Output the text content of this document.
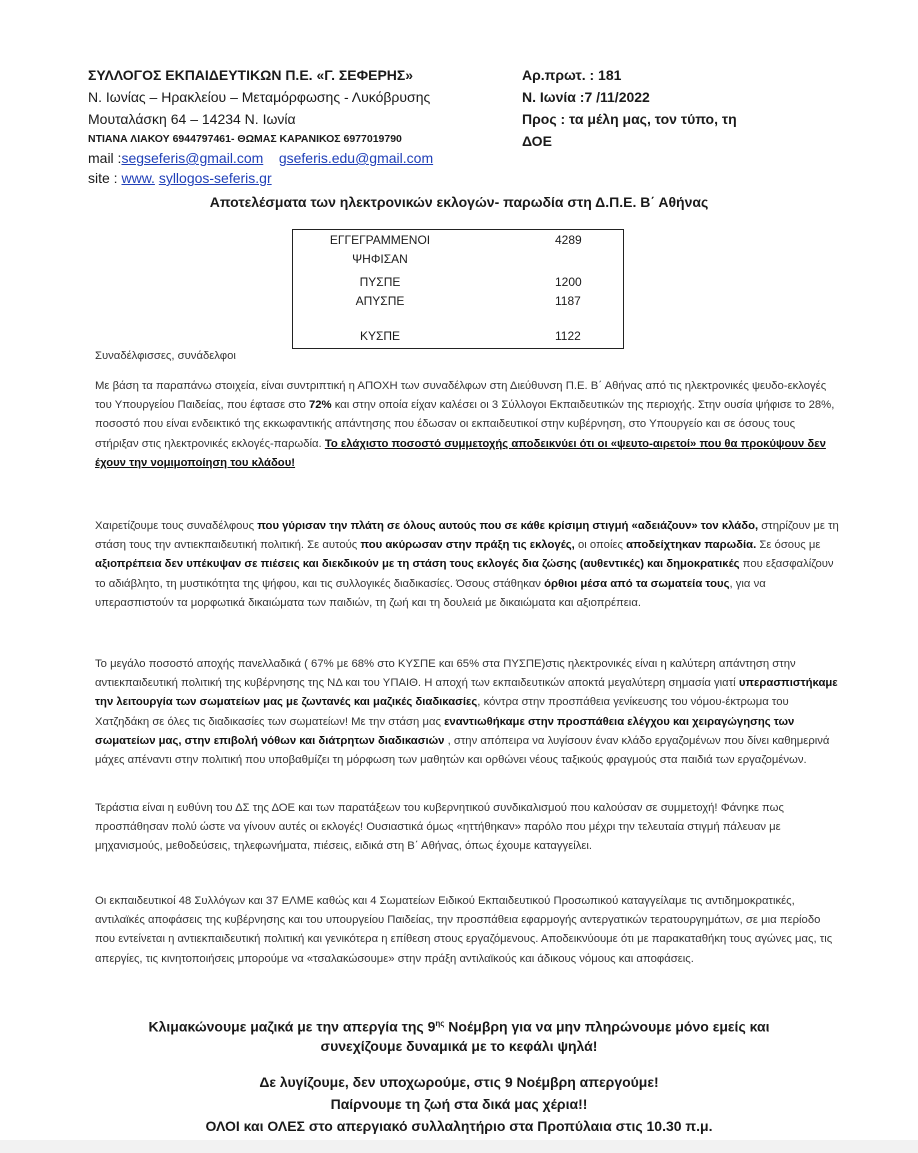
ΣΥΛΛΟΓΟΣ ΕΚΠΑΙΔΕΥΤΙΚΩΝ Π.Ε. «Γ. ΣΕΦΕΡΗΣ»
Ν. Ιωνίας – Ηρακλείου – Μεταμόρφωσης - Λυκόβρυσης
Μουταλάσκη 64 – 14234 Ν. Ιωνία
ΝΤΙΑΝΑ ΛΙΑΚΟΥ 6944797461- ΘΩΜΑΣ ΚΑΡΑΝΙΚΟΣ 6977019790
mail :segseferis@gmail.com gseferis.edu@gmail.com
site : www. syllogos-seferis.gr
Αρ.πρωτ. : 181
Ν. Ιωνία :7 /11/2022
Προς : τα μέλη μας, τον τύπο, τη
ΔΟΕ
Αποτελέσματα των ηλεκτρονικών εκλογών- παρωδία στη Δ.Π.Ε. Β΄ Αθήνας
ΕΓΓΕΓΡΑΜΜΕΝΟΙ	4289
ΨΗΦΙΣΑΝ
ΠΥΣΠΕ	1200
ΑΠΥΣΠΕ	1187
ΚΥΣΠΕ	1122
Συναδέλφισσες, συνάδελφοι

Με βάση τα παραπάνω στοιχεία, είναι συντριπτική η ΑΠΟΧΗ των συναδέλφων στη Διεύθυνση Π.Ε. Β΄ Αθήνας από τις ηλεκτρονικές ψευδο-εκλογές του Υπουργείου Παιδείας, που έφτασε στο 72% και στην οποία είχαν καλέσει οι 3 Σύλλογοι Εκπαιδευτικών της περιοχής. Στην ουσία ψήφισε το 28%, ποσοστό που είναι ενδεικτικό της εκκωφαντικής απάντησης που έδωσαν οι εκπαιδευτικοί στην κυβέρνηση, στο Υπουργείο και σε όσους τους στήριξαν στις ηλεκτρονικές εκλογές-παρωδία. Το ελάχιστο ποσοστό συμμετοχής αποδεικνύει ότι οι «ψευτο-αιρετοί» που θα προκύψουν δεν έχουν την νομιμοποίηση του κλάδου!

Χαιρετίζουμε τους συναδέλφους που γύρισαν την πλάτη σε όλους αυτούς που σε κάθε κρίσιμη στιγμή «αδειάζουν» τον κλάδο, στηρίζουν με τη στάση τους την αντιεκπαιδευτική πολιτική. Σε αυτούς που ακύρωσαν στην πράξη τις εκλογές, οι οποίες αποδείχτηκαν παρωδία. Σε όσους με αξιοπρέπεια δεν υπέκυψαν σε πιέσεις και διεκδικούν με τη στάση τους εκλογές δια ζώσης (αυθεντικές) και δημοκρατικές που εξασφαλίζουν το αδιάβλητο, τη μυστικότητα της ψήφου, και τις συλλογικές διαδικασίες. Όσους στάθηκαν όρθιοι μέσα από τα σωματεία τους, για να υπερασπιστούν τα μορφωτικά δικαιώματα των παιδιών, τη ζωή και τη δουλειά με δικαιώματα και αξιοπρέπεια.

Το μεγάλο ποσοστό αποχής πανελλαδικά ( 67% με 68% στο ΚΥΣΠΕ και 65% στα ΠΥΣΠΕ)στις ηλεκτρονικές είναι η καλύτερη απάντηση στην αντιεκπαιδευτική πολιτική της κυβέρνησης της ΝΔ και του ΥΠΑΙΘ. Η αποχή των εκπαιδευτικών αποκτά μεγαλύτερη σημασία γιατί υπερασπιστήκαμε την λειτουργία των σωματείων μας με ζωντανές και μαζικές διαδικασίες, κόντρα στην προσπάθεια γενίκευσης του νόμου-έκτρωμα του Χατζηδάκη σε όλες τις διαδικασίες των σωματείων! Με την στάση μας εναντιωθήκαμε στην προσπάθεια ελέγχου και χειραγώγησης των σωματείων μας, στην επιβολή νόθων και διάτρητων διαδικασιών , στην απόπειρα να λυγίσουν έναν κλάδο εργαζομένων που δίνει καθημερινά μάχες απέναντι στην πολιτική που υποβαθμίζει τη μόρφωση των μαθητών και ορθώνει νέους ταξικούς φραγμούς στα παιδιά των εργαζομένων.

Τεράστια είναι η ευθύνη του ΔΣ της ΔΟΕ και των παρατάξεων του κυβερνητικού συνδικαλισμού που καλούσαν σε συμμετοχή! Φάνηκε πως προσπάθησαν πολύ ώστε να γίνουν αυτές οι εκλογές! Ουσιαστικά όμως «ηττήθηκαν» παρόλο που μέχρι την τελευταία στιγμή πάλευαν με μηχανισμούς, μεθοδεύσεις, τηλεφωνήματα, πιέσεις, ειδικά στη Β΄ Αθήνας, όπως έχουμε καταγγείλει.
Οι εκπαιδευτικοί 48 Συλλόγων και 37 ΕΛΜΕ καθώς και 4 Σωματείων Ειδικού Εκπαιδευτικού Προσωπικού καταγγείλαμε τις αντιδημοκρατικές, αντιλαϊκές αποφάσεις της κυβέρνησης και του υπουργείου Παιδείας, την προσπάθεια εφαρμογής αντεργατικών τερατουργημάτων, σε μια περίοδο που εντείνεται η αντιεκπαιδευτική πολιτική και γενικότερα η επίθεση στους εργαζόμενους. Αποδεικνύουμε ότι με παρακαταθήκη τους αγώνες μας, τις απεργίες, τις κινητοποιήσεις μπορούμε να «τσαλακώσουμε» στην πράξη αντιλαϊκούς και άδικους νόμους και αποφάσεις.
Κλιμακώνουμε μαζικά με την απεργία της $9^{\eta\varsigma}$ Νοέμβρη για να μην πληρώνουμε μόνο εμείς και
συνεχίζουμε δυναμικά με το κεφάλι ψηλά!
Δε λυγίζουμε, δεν υποχωρούμε, στις 9 Νοέμβρη απεργούμε!
Παίρνουμε τη ζωή στα δικά μας χέρια!!
ΟΛΟΙ και ΟΛΕΣ στο απεργιακό συλλαλητήριο στα Προπύλαια στις 10.30 π.μ.
